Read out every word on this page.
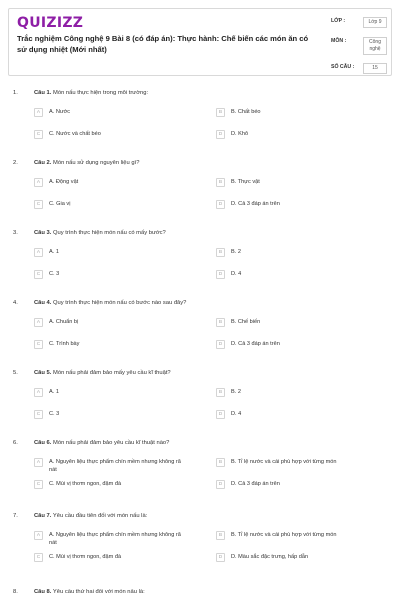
QUIZIZZ
Trắc nghiệm Công nghệ 9 Bài 8 (có đáp án): Thực hành: Chế biến các món ăn có sử dụng nhiệt (Mới nhất)
LỚP :	Lớp 9
MÔN :	Công nghệ
SỐ CÂU :	15
1.	Câu 1. Món nấu thực hiện trong môi trường:
A	A. Nước	B	B. Chất béo
C	C. Nước và chất béo	D	D. Khô
2.	Câu 2. Món nấu sử dụng nguyên liệu gì?
A	A. Động vật	B	B. Thực vật
C	C. Gia vị	D	D. Cả 3 đáp án trên
3.	Câu 3. Quy trình thực hiện món nấu có mấy bước?
A	A. 1	B	B. 2
C	C. 3	D	D. 4
4.	Câu 4. Quy trình thực hiện món nấu có bước nào sau đây?
A	A. Chuẩn bị	B	B. Chế biến
C	C. Trình bày	D	D. Cả 3 đáp án trên
5.	Câu 5. Món nấu phải đảm bảo mấy yêu cầu kĩ thuật?
A	A. 1	B	B. 2
C	C. 3	D	D. 4
6.	Câu 6. Món nấu phải đảm bảo yêu cầu kĩ thuật nào?
A	A. Nguyên liệu thực phẩm chín mềm nhưng không rã nát
B	B. Tỉ lệ nước và cái phù hợp với từng món
C	C. Mùi vị thơm ngon, đậm đà	D	D. Cả 3 đáp án trên
7.	Câu 7. Yêu cầu đầu tiên đối với món nấu là:
A	A. Nguyên liệu thực phẩm chín mềm nhưng không rã nát
B	B. Tỉ lệ nước và cái phù hợp với từng món
C	C. Mùi vị thơm ngon, đậm đà	D	D. Màu sắc đặc trưng, hấp dẫn
8.	Câu 8. Yêu cầu thứ hai đối với món nấu là:
